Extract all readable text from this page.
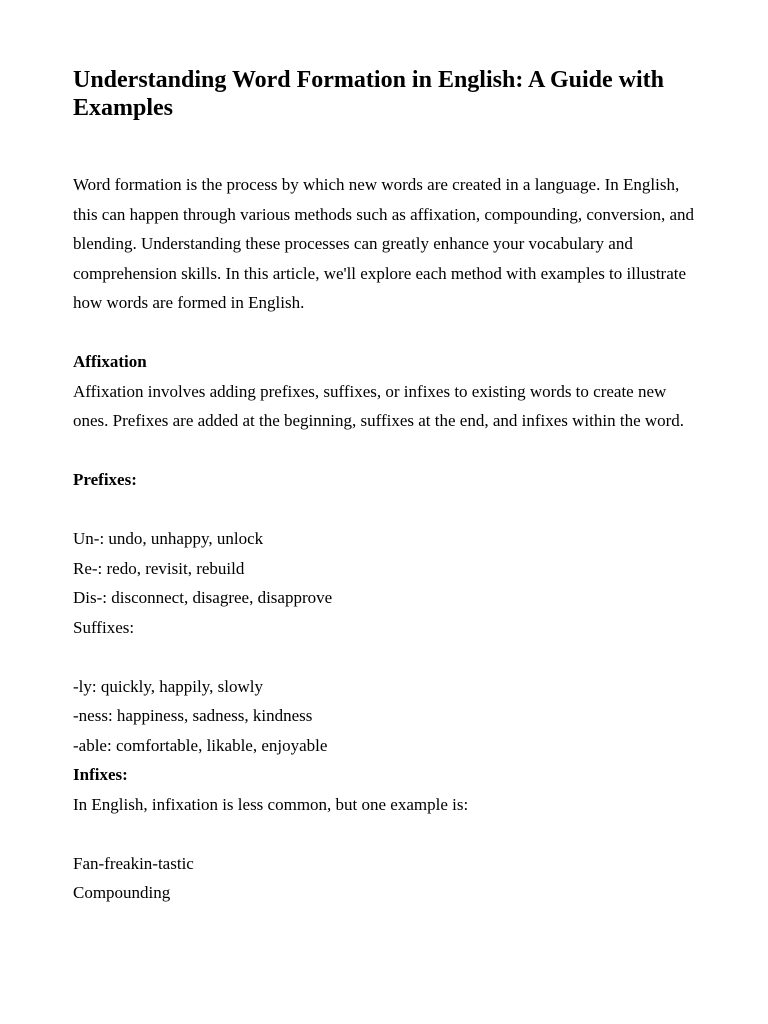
Understanding Word Formation in English: A Guide with Examples

Word formation is the process by which new words are created in a language. In English, this can happen through various methods such as affixation, compounding, conversion, and blending. Understanding these processes can greatly enhance your vocabulary and comprehension skills. In this article, we'll explore each method with examples to illustrate how words are formed in English.

Affixation

Affixation involves adding prefixes, suffixes, or infixes to existing words to create new ones. Prefixes are added at the beginning, suffixes at the end, and infixes within the word.

Prefixes:

Un-: undo, unhappy, unlock

Re-: redo, revisit, rebuild

Dis-: disconnect, disagree, disapprove

Suffixes:

-ly: quickly, happily, slowly

-ness: happiness, sadness, kindness

-able: comfortable, likable, enjoyable

Infixes:

In English, infixation is less common, but one example is:

Fan-freakin-tastic

Compounding
